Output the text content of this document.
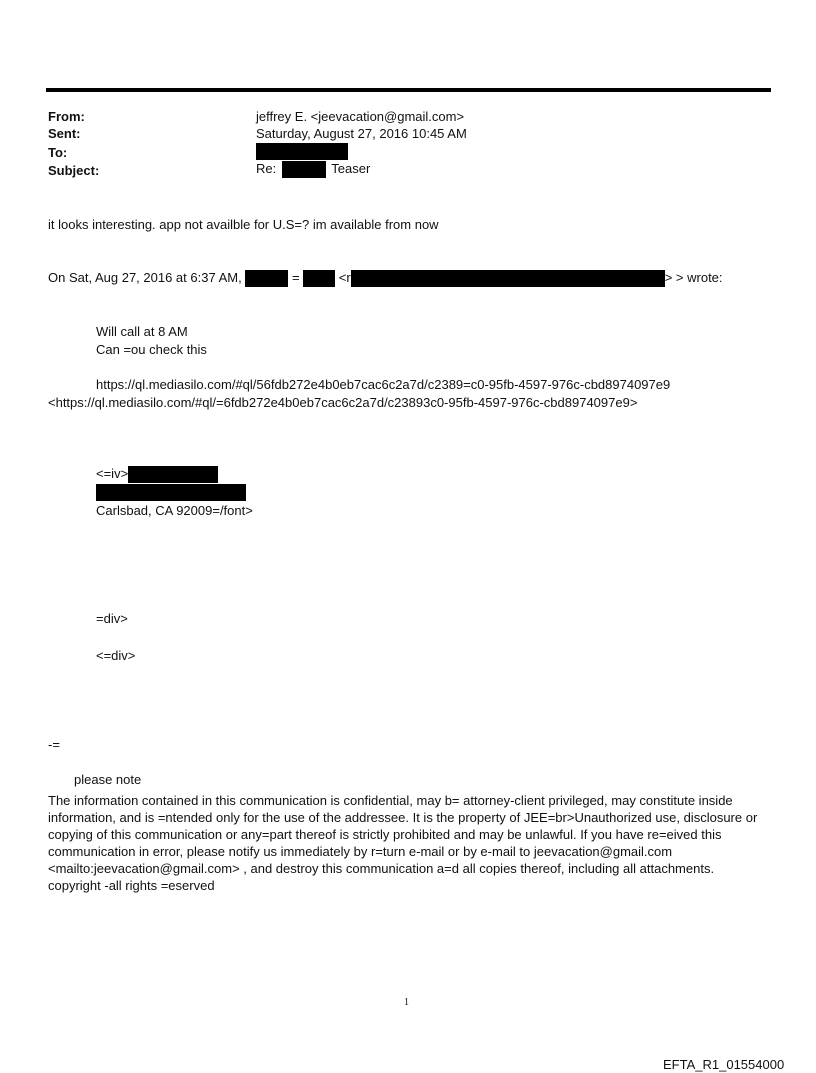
From:	jeffrey E. <jeevacation@gmail.com>
Sent:	Saturday, August 27, 2016 10:45 AM
To:
Subject:	Re:	Teaser
it looks interesting. app not availble for U.S=? im available from now
On Sat, Aug 27, 2016 at 6:37 AM,	=	<r	> > wrote:
Will call at 8 AM
Can =ou check this
https://ql.mediasilo.com/#ql/56fdb272e4b0eb7cac6c2a7d/c2389=c0-95fb-4597-976c-cbd8974097e9
<https://ql.mediasilo.com/#ql/=6fdb272e4b0eb7cac6c2a7d/c23893c0-95fb-4597-976c-cbd8974097e9>
<=iv>
Carlsbad, CA 92009=/font>
=div>
<=div>
-=
please note
The information contained in this communication is confidential, may b= attorney-client privileged, may constitute inside information, and is =ntended only for the use of the addressee. It is the property of JEE=br>Unauthorized use, disclosure or copying of this communication or any=part thereof is strictly prohibited and may be unlawful. If you have re=eived this communication in error, please notify us immediately by r=turn e-mail or by e-mail to jeevacation@gmail.com <mailto:jeevacation@gmail.com> , and destroy this communication a=d all copies thereof, including all attachments. copyright -all rights =eserved
1
EFTA_R1_01554000
